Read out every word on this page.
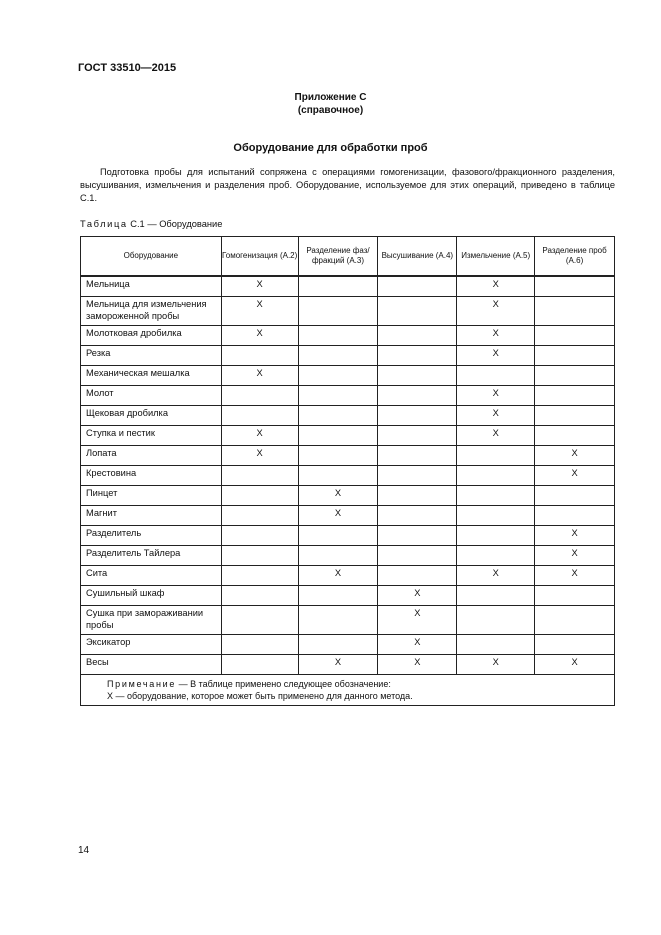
ГОСТ 33510—2015
Приложение С
(справочное)
Оборудование для обработки проб

Подготовка пробы для испытаний сопряжена с операциями гомогенизации, фазового/фракционного разделения, высушивания, измельчения и разделения проб. Оборудование, используемое для этих операций, приведено в таблице С.1.

Таблица С.1 — Оборудование
Оборудование	Гомогенизация (А.2)	Разделение фаз/фракций (А.3)	Высушивание (А.4)	Измельчение (А.5)	Разделение проб (А.6)
Мельница	X			X	
Мельница для измельчения замороженной пробы	X			X	
Молотковая дробилка	X			X	
Резка				X	
Механическая мешалка	X				
Молот				X	
Щековая дробилка				X	
Ступка и пестик	X			X	
Лопата	X				X
Крестовина					X
Пинцет		X			
Магнит		X			
Разделитель					X
Разделитель Тайлера					X
Сита		X		X	X
Сушильный шкаф			X		
Сушка при замораживании пробы			X		
Эксикатор			X		
Весы		X	X	X	X
Примечание — В таблице применено следующее обозначение:
Х — оборудование, которое может быть применено для данного метода.					
14
